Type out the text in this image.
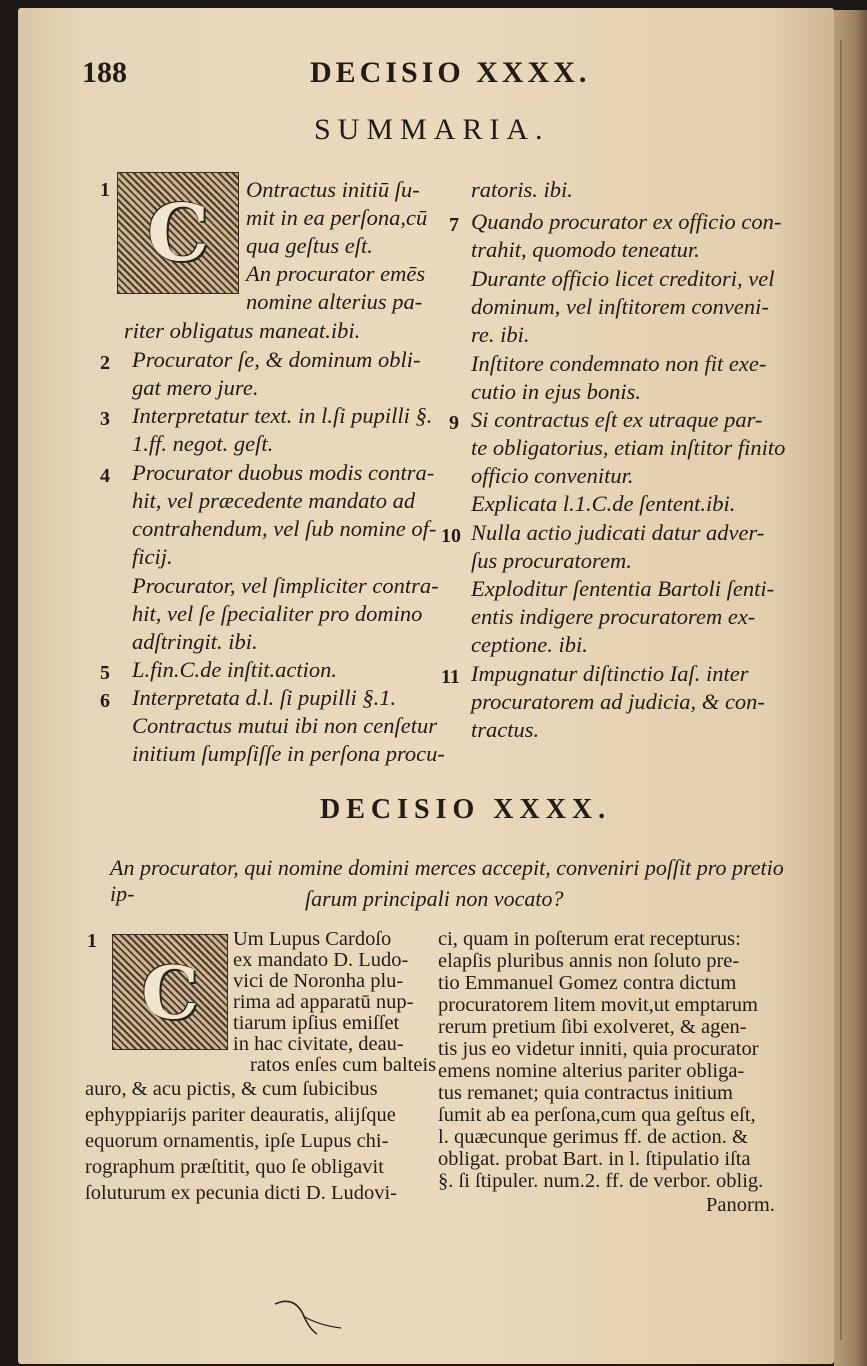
188	DECISIO XXXX.
SUMMARIA.
C
1	Ontractus initiū ſu-
mit in ea perſona,cū
qua geſtus eſt.
An procurator emēs
nomine alterius pa-
riter obligatus maneat.ibi.
2 Procurator ſe, & dominum obli-
gat mero jure.
3 Interpretatur text. in l.ſi pupilli §.
1.ff. negot. geſt.
4 Procurator duobus modis contra-
hit, vel præcedente mandato ad
contrahendum, vel ſub nomine of-
ficij.
Procurator, vel ſimpliciter contra-
hit, vel ſe ſpecialiter pro domino
adſtringit. ibi.
5 L.fin.C.de inſtit.action.
6 Interpretata d.l. ſi pupilli §.1.
Contractus mutui ibi non cenſetur
initium ſumpſiſſe in perſona procu-
ratoris. ibi.
7 Quando procurator ex officio con-
trahit, quomodo teneatur.
Durante officio licet creditori, vel
dominum, vel inſtitorem conveni-
re. ibi.
Inſtitore condemnato non fit exe-
cutio in ejus bonis.
9 Si contractus eſt ex utraque par-
te obligatorius, etiam inſtitor finito
officio convenitur.
Explicata l.1.C.de ſentent.ibi.
10 Nulla actio judicati datur adver-
ſus procuratorem.
Exploditur ſententia Bartoli ſenti-
entis indigere procuratorem ex-
ceptione. ibi.
11 Impugnatur diſtinctio Iaſ. inter
procuratorem ad judicia, & con-
tractus.
DECISIO XXXX.
An procurator, qui nomine domini merces accepit, conveniri poſſit pro pretio ip-	ſarum principali non vocato?
1
C
Um Lupus Cardoſo
ex mandato D. Ludo-
vici de Noronha plu-
rima ad apparatū nup-
tiarum ipſius emiſſet
in hac civitate, deau-
ratos enſes cum balteis
auro, & acu pictis, & cum ſubicibus
ephyppiarijs pariter deauratis, alijſque
equorum ornamentis, ipſe Lupus chi-
rographum præſtitit, quo ſe obligavit
ſoluturum ex pecunia dicti D. Ludovi-
ci, quam in poſterum erat recepturus:
elapſis pluribus annis non ſoluto pre-
tio Emmanuel Gomez contra dictum
procuratorem litem movit,ut emptarum
rerum pretium ſibi exolveret, & agen-
tis jus eo videtur inniti, quia procurator
emens nomine alterius pariter obliga-
tus remanet; quia contractus initium
ſumit ab ea perſona,cum qua geſtus eſt,
l. quæcunque gerimus ff. de action. &
obligat. probat Bart. in l. ſtipulatio iſta
§. ſi ſtipuler. num.2. ff. de verbor. oblig.
Panorm.
